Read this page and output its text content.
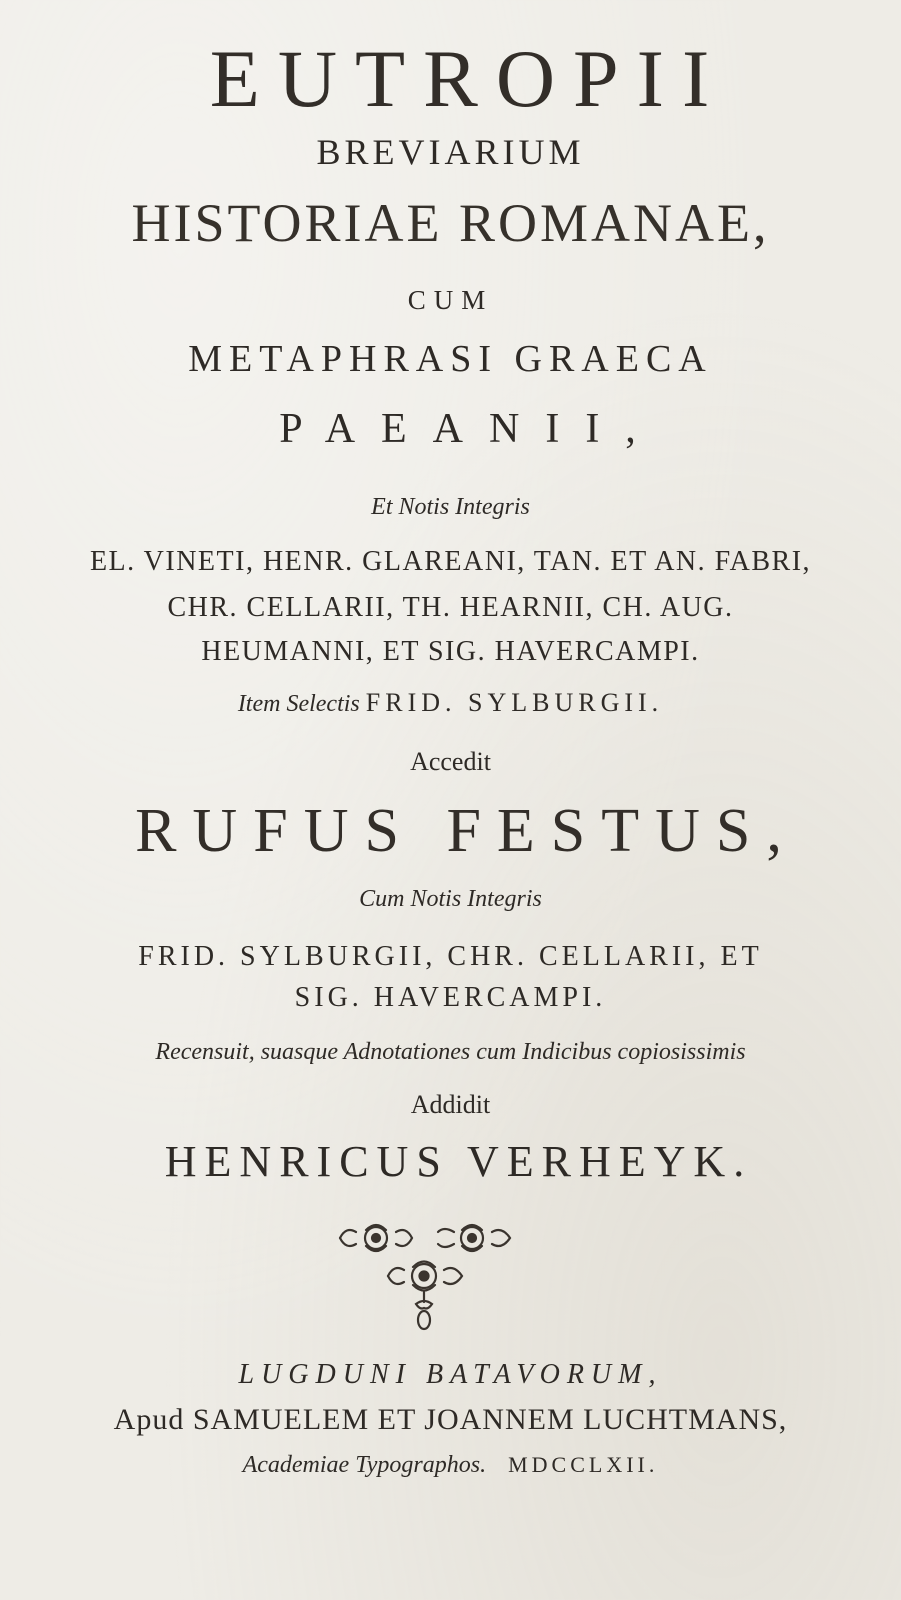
EUTROPII
BREVIARIUM
HISTORIAE ROMANAE,
CUM
METAPHRASI GRAECA
PAEANII,
Et Notis Integris
EL. VINETI, HENR. GLAREANI, TAN. ET AN. FABRI,
CHR. CELLARII, TH. HEARNII, CH. AUG.
HEUMANNI, ET SIG. HAVERCAMPI.
Item Selectis FRID. SYLBURGII.
Accedit
RUFUS FESTUS,
Cum Notis Integris
FRID. SYLBURGII, CHR. CELLARII, ET
SIG. HAVERCAMPI.
Recensuit, suasque Adnotationes cum Indicibus copiosissimis
Addidit
HENRICUS VERHEYK.
LUGDUNI BATAVORUM,
Apud SAMUELEM ET JOANNEM LUCHTMANS,
Academiae Typographos. MDCCLXII.
